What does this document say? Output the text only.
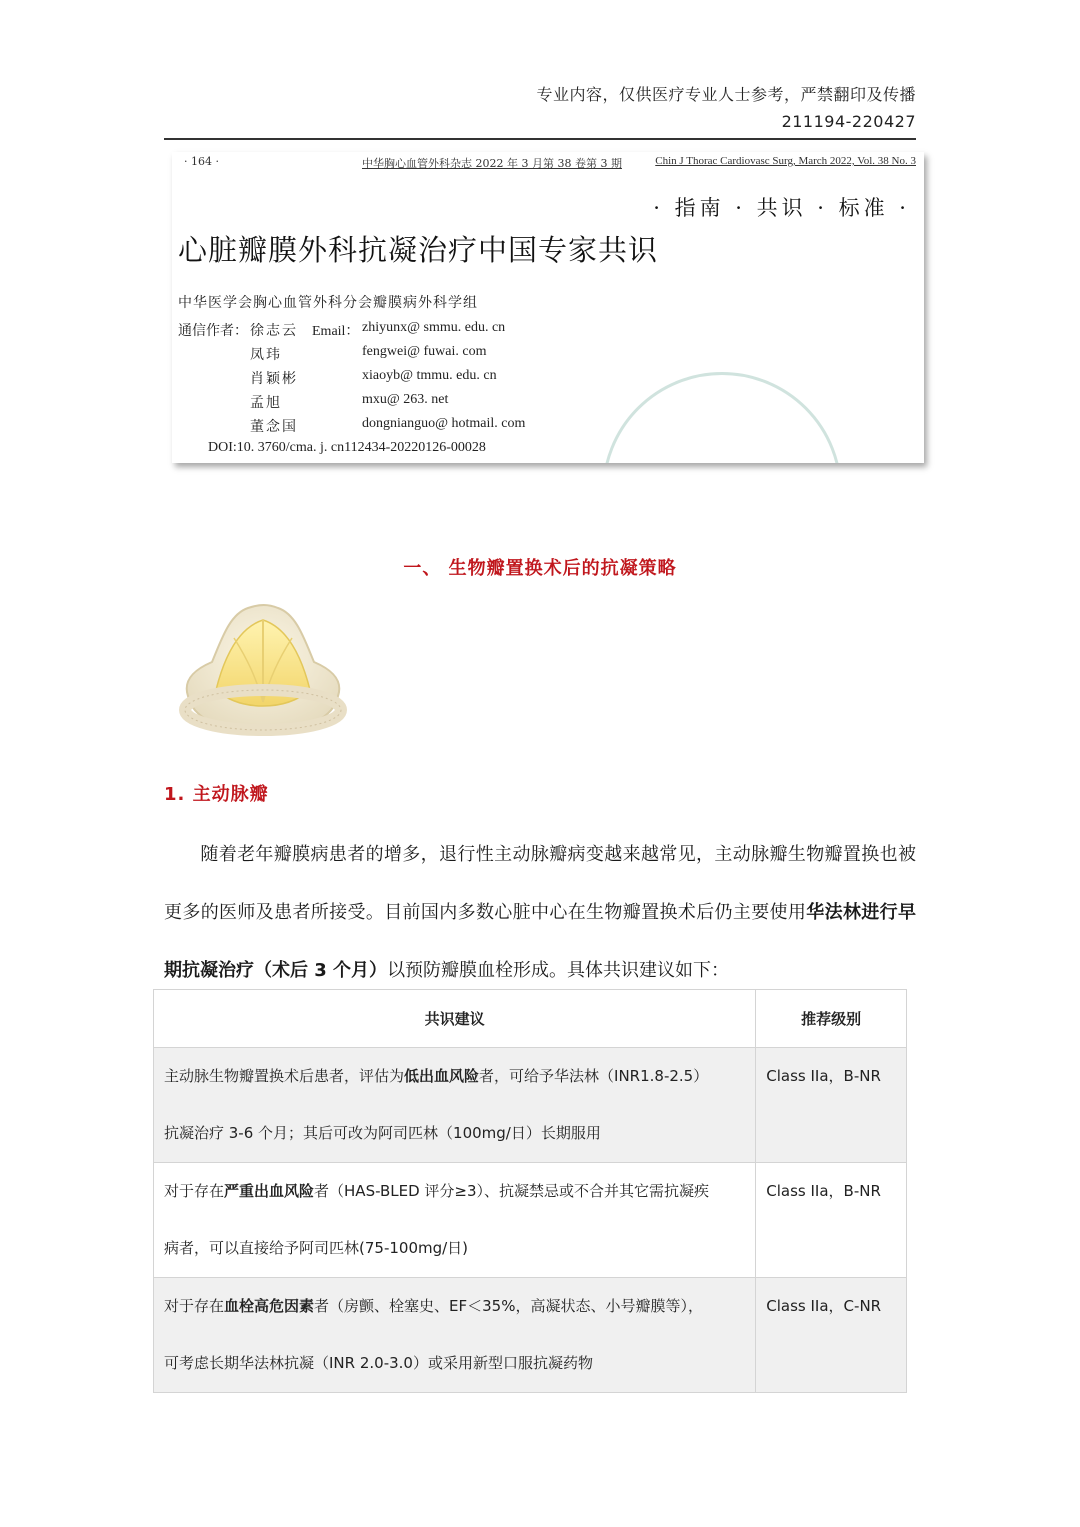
专业内容，仅供医疗专业人士参考，严禁翻印及传播
211194-220427
· 164 ·	中华胸心血管外科杂志 2022 年 3 月第 38 卷第 3 期	Chin J Thorac Cardiovasc Surg, March 2022, Vol. 38 No. 3
· 指南 · 共识 · 标准 ·
心脏瓣膜外科抗凝治疗中国专家共识
中华医学会胸心血管外科分会瓣膜病外科学组
通信作者： 徐志云 Email： zhiyunx@ smmu. edu. cn
凤玮	fengwei@ fuwai. com
肖颖彬	xiaoyb@ tmmu. edu. cn
孟旭	mxu@ 263. net
董念国	dongnianguo@ hotmail. com
DOI:10. 3760/cma. j. cn112434-20220126-00028
一、 生物瓣置换术后的抗凝策略
1. 主动脉瓣
随着老年瓣膜病患者的增多，退行性主动脉瓣病变越来越常见，主动脉瓣生物瓣置换也被更多的医师及患者所接受。目前国内多数心脏中心在生物瓣置换术后仍主要使用华法林进行早期抗凝治疗（术后 3 个月）以预防瓣膜血栓形成。具体共识建议如下：
共识建议	推荐级别

主动脉生物瓣置换术后患者，评估为低出血风险者，可给予华法林（INR1.8-2.5）
抗凝治疗 3-6 个月；其后可改为阿司匹林（100mg/日）长期服用	Class IIa，B-NR

对于存在严重出血风险者（HAS-BLED 评分≥3）、抗凝禁忌或不合并其它需抗凝疾
病者，可以直接给予阿司匹林(75-100mg/日)	Class IIa，B-NR

对于存在血栓高危因素者（房颤、栓塞史、EF＜35%，高凝状态、小号瓣膜等），
可考虑长期华法林抗凝（INR 2.0-3.0）或采用新型口服抗凝药物	Class IIa，C-NR
